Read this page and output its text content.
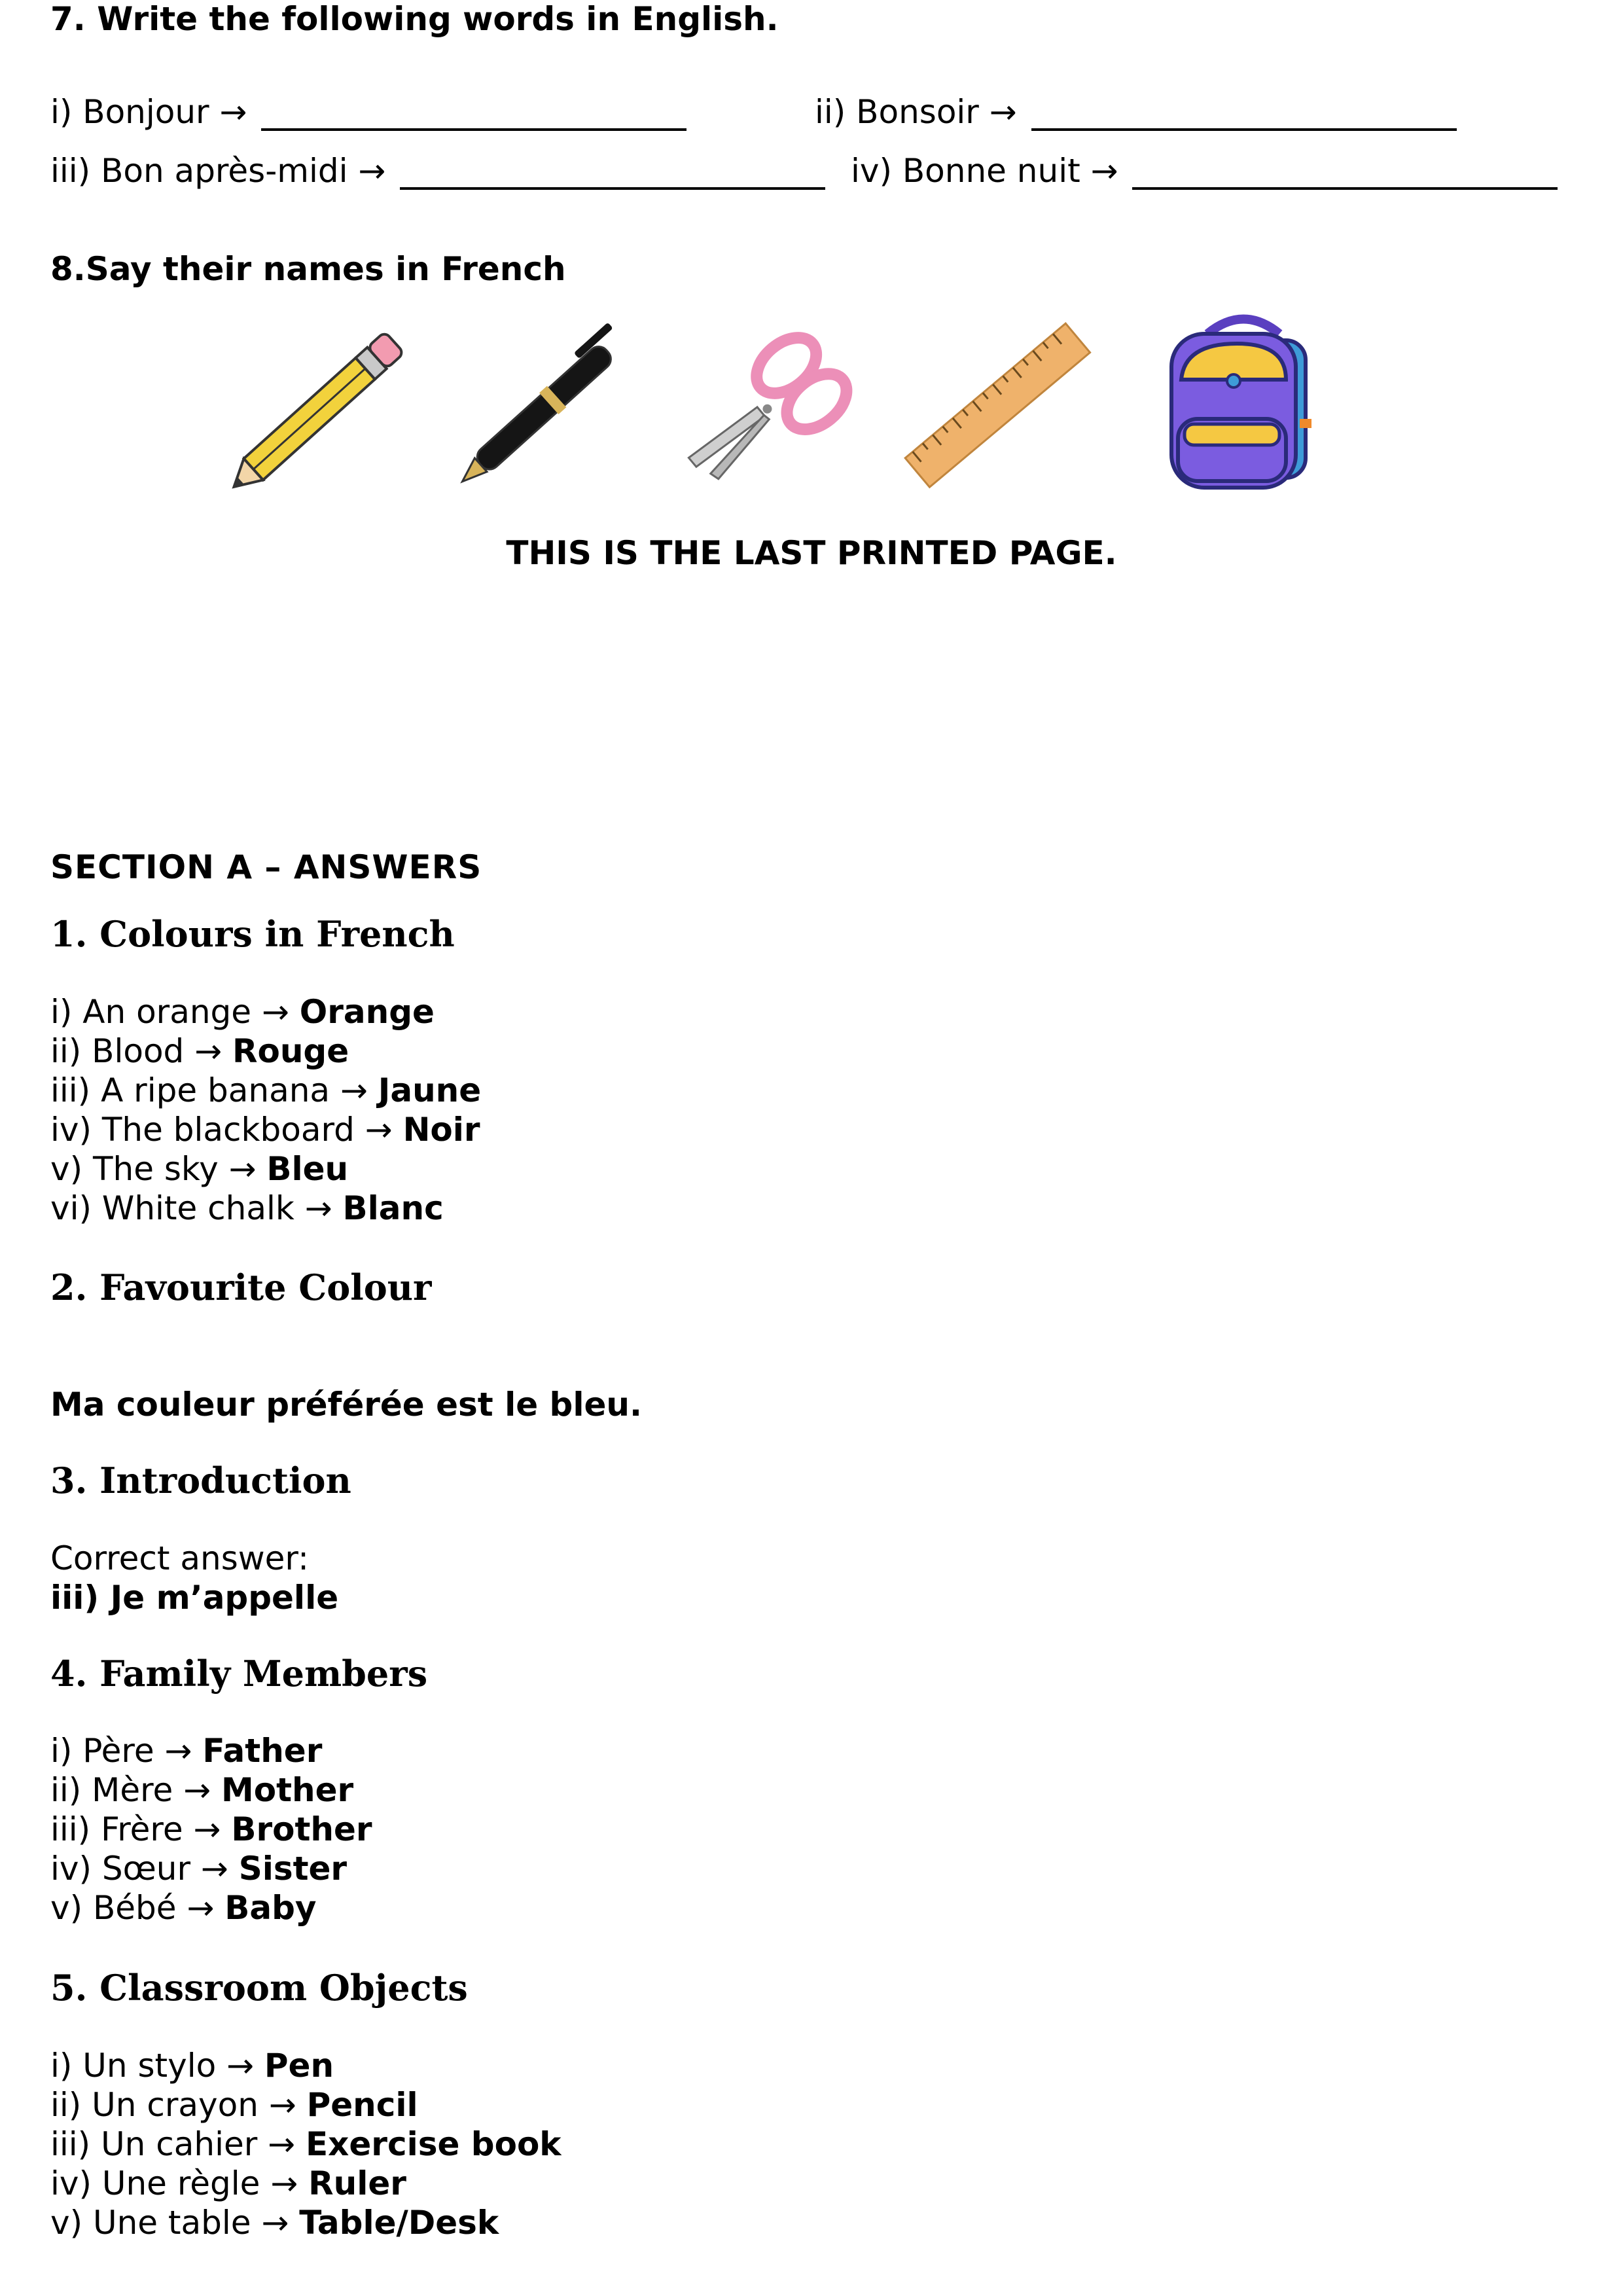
7. Write the following words in English.
i) Bonjour →	ii) Bonsoir →
iii) Bon après-midi →	iv) Bonne nuit →
8.Say their names in French
THIS IS THE LAST PRINTED PAGE.
SECTION A – ANSWERS
1. Colours in French
i) An orange → Orange
ii) Blood → Rouge
iii) A ripe banana → Jaune
iv) The blackboard → Noir
v) The sky → Bleu
vi) White chalk → Blanc
2. Favourite Colour
Ma couleur préférée est le bleu.
3. Introduction
Correct answer:
iii) Je m’appelle
4. Family Members
i) Père → Father
ii) Mère → Mother
iii) Frère → Brother
iv) Sœur → Sister
v) Bébé → Baby
5. Classroom Objects
i) Un stylo → Pen
ii) Un crayon → Pencil
iii) Un cahier → Exercise book
iv) Une règle → Ruler
v) Une table → Table/Desk
